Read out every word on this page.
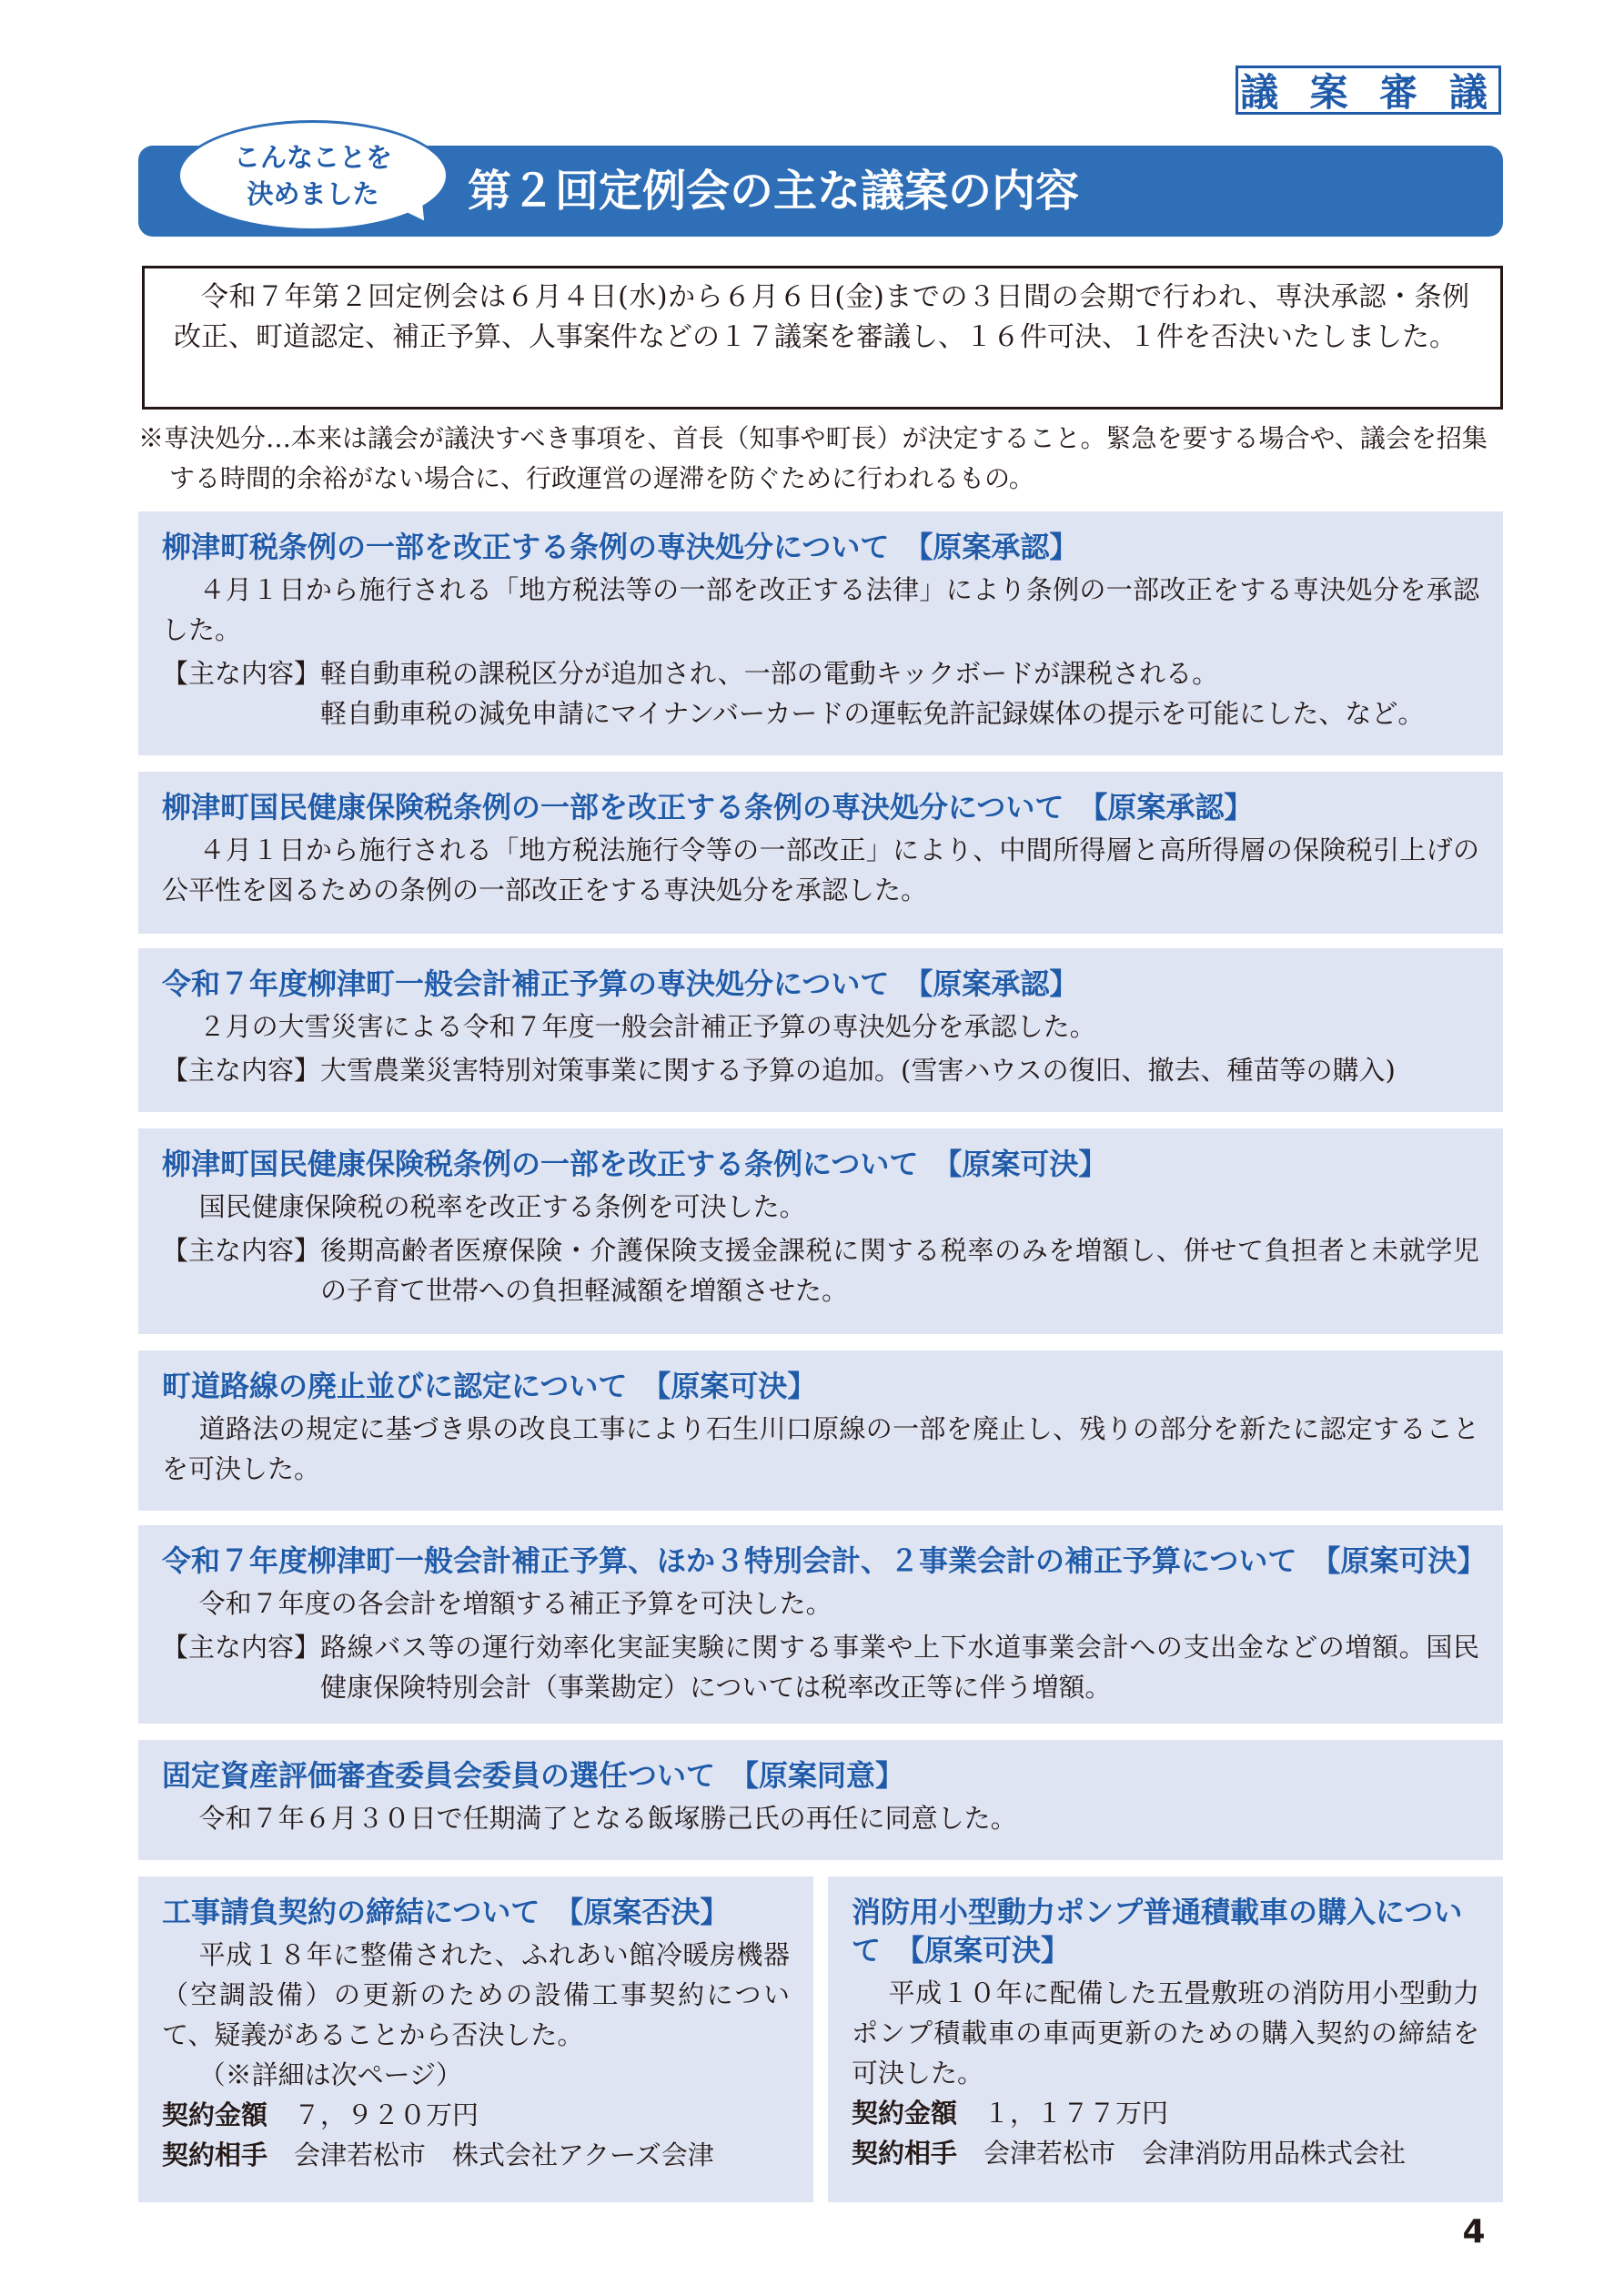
議 案 審 議
第２回定例会の主な議案の内容
こんなことを
決めました
令和７年第２回定例会は６月４日(水)から６月６日(金)までの３日間の会期で行われ、専決承認・条例改正、町道認定、補正予算、人事案件などの１７議案を審議し、１６件可決、１件を否決いたしました。
※専決処分…本来は議会が議決すべき事項を、首長（知事や町長）が決定すること。緊急を要する場合や、議会を招集する時間的余裕がない場合に、行政運営の遅滞を防ぐために行われるもの。
柳津町税条例の一部を改正する条例の専決処分について　【原案承認】
４月１日から施行される「地方税法等の一部を改正する法律」により条例の一部改正をする専決処分を承認した。
【主な内容】 軽自動車税の課税区分が追加され、一部の電動キックボードが課税される。
軽自動車税の減免申請にマイナンバーカードの運転免許記録媒体の提示を可能にした、など。
柳津町国民健康保険税条例の一部を改正する条例の専決処分について　【原案承認】
４月１日から施行される「地方税法施行令等の一部改正」により、中間所得層と高所得層の保険税引上げの公平性を図るための条例の一部改正をする専決処分を承認した。
令和７年度柳津町一般会計補正予算の専決処分について　【原案承認】
２月の大雪災害による令和７年度一般会計補正予算の専決処分を承認した。
【主な内容】 大雪農業災害特別対策事業に関する予算の追加。(雪害ハウスの復旧、撤去、種苗等の購入)
柳津町国民健康保険税条例の一部を改正する条例について　【原案可決】
国民健康保険税の税率を改正する条例を可決した。
【主な内容】 後期高齢者医療保険・介護保険支援金課税に関する税率のみを増額し、併せて負担者と未就学児の子育て世帯への負担軽減額を増額させた。
町道路線の廃止並びに認定について　【原案可決】
道路法の規定に基づき県の改良工事により石生川口原線の一部を廃止し、残りの部分を新たに認定することを可決した。
令和７年度柳津町一般会計補正予算、ほか３特別会計、２事業会計の補正予算について　【原案可決】
令和７年度の各会計を増額する補正予算を可決した。
【主な内容】 路線バス等の運行効率化実証実験に関する事業や上下水道事業会計への支出金などの増額。国民健康保険特別会計（事業勘定）については税率改正等に伴う増額。
固定資産評価審査委員会委員の選任ついて　【原案同意】
令和７年６月３０日で任期満了となる飯塚勝己氏の再任に同意した。
工事請負契約の締結について　【原案否決】
平成１８年に整備された、ふれあい館冷暖房機器（空調設備）の更新のための設備工事契約について、疑義があることから否決した。
（※詳細は次ページ）
契約金額　 ７，９２０万円
契約相手　 会津若松市　株式会社アクーズ会津
消防用小型動力ポンプ普通積載車の購入について　【原案可決】
平成１０年に配備した五畳敷班の消防用小型動力ポンプ積載車の車両更新のための購入契約の締結を可決した。
契約金額　 １，１７７万円
契約相手　 会津若松市　会津消防用品株式会社
4
